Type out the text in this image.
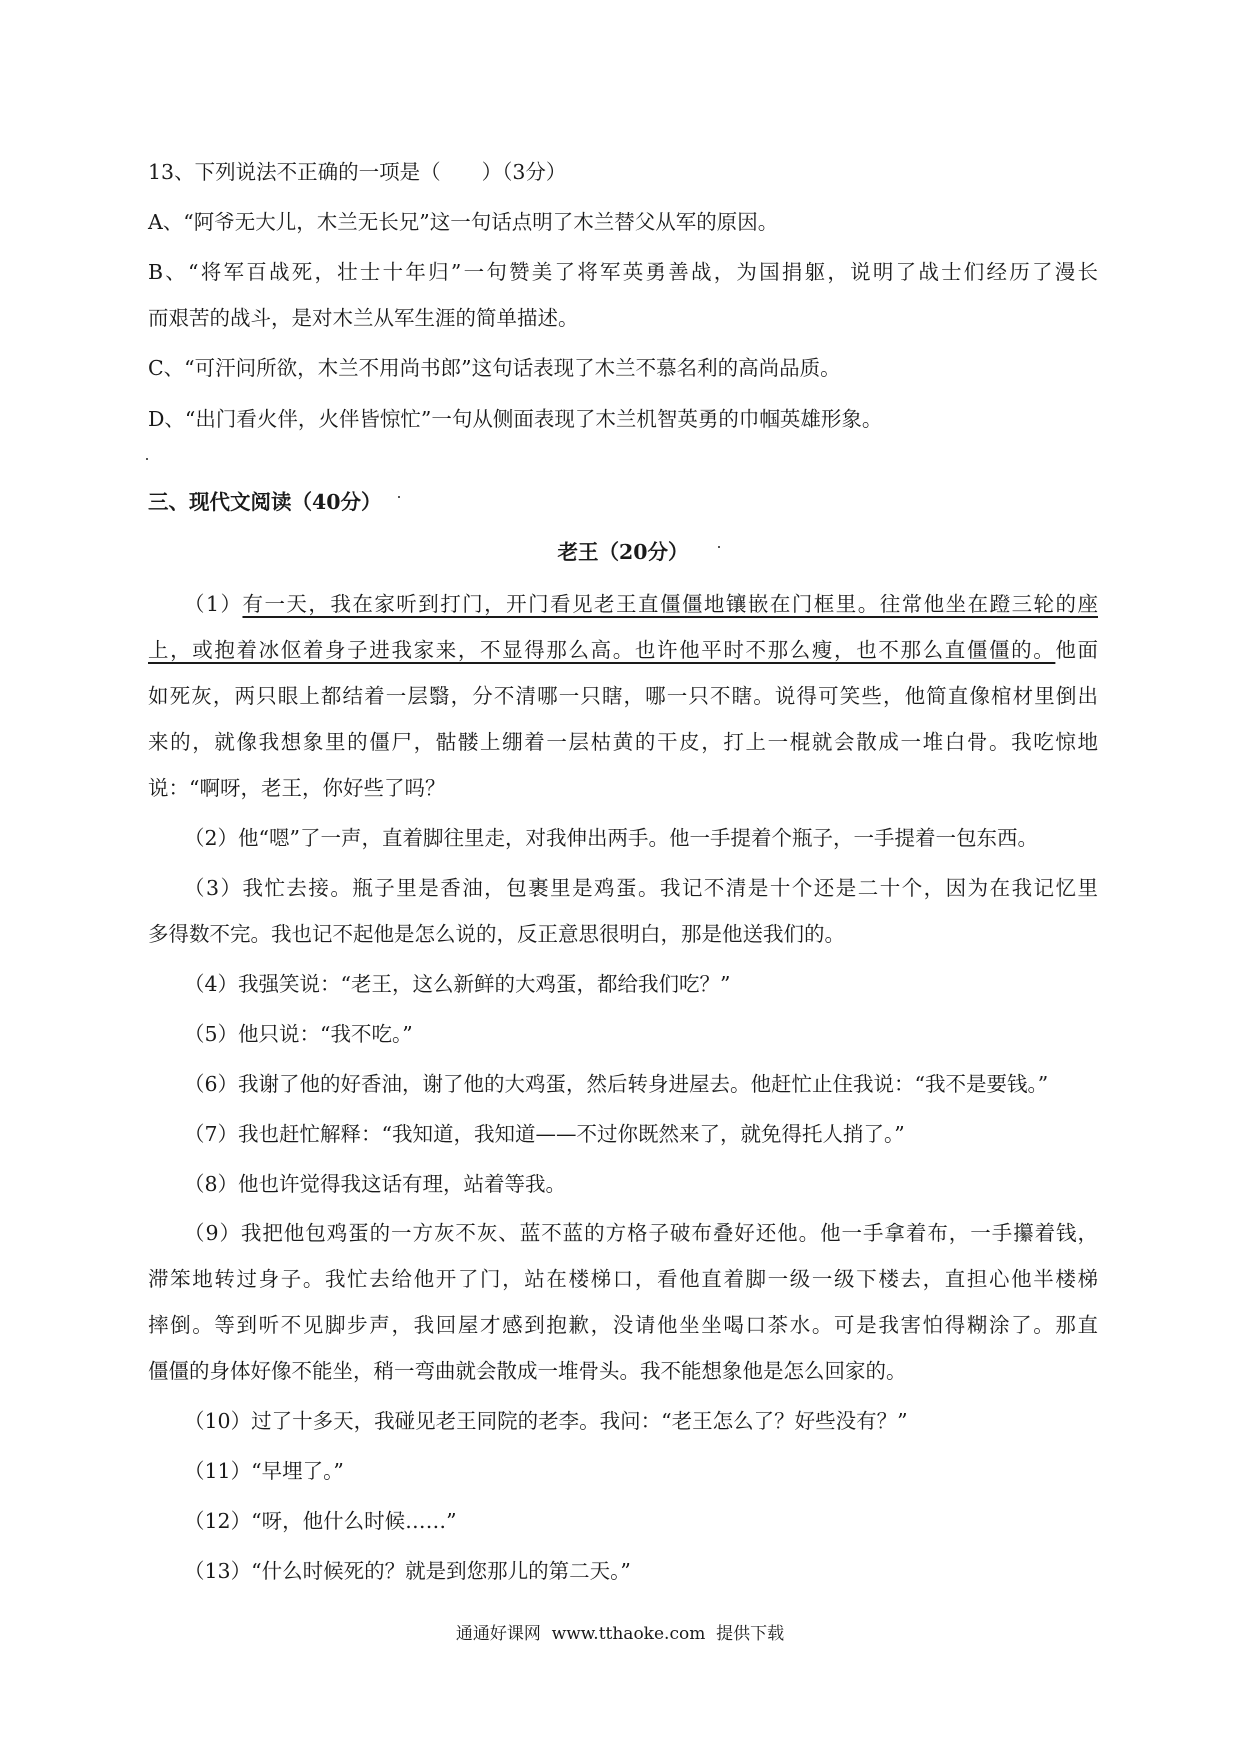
13、下列说法不正确的一项是（　　）（3分）
A、“阿爷无大儿，木兰无长兄”这一句话点明了木兰替父从军的原因。
B、“将军百战死，壮士十年归”一句赞美了将军英勇善战，为国捐躯，说明了战士们经历了漫长
而艰苦的战斗，是对木兰从军生涯的简单描述。
C、“可汗问所欲，木兰不用尚书郎”这句话表现了木兰不慕名利的高尚品质。
D、“出门看火伴，火伴皆惊忙”一句从侧面表现了木兰机智英勇的巾帼英雄形象。
三、现代文阅读（40分）
老王（20分）
（1）有一天，我在家听到打门，开门看见老王直僵僵地镶嵌在门框里。往常他坐在蹬三轮的座
上，或抱着冰伛着身子进我家来，不显得那么高。也许他平时不那么瘦，也不那么直僵僵的。他面
如死灰，两只眼上都结着一层翳，分不清哪一只瞎，哪一只不瞎。说得可笑些，他简直像棺材里倒出
来的，就像我想象里的僵尸，骷髅上绷着一层枯黄的干皮，打上一棍就会散成一堆白骨。我吃惊地
说：“啊呀，老王，你好些了吗？
（2）他“嗯”了一声，直着脚往里走，对我伸出两手。他一手提着个瓶子，一手提着一包东西。
（3）我忙去接。瓶子里是香油，包裹里是鸡蛋。我记不清是十个还是二十个，因为在我记忆里
多得数不完。我也记不起他是怎么说的，反正意思很明白，那是他送我们的。
（4）我强笑说：“老王，这么新鲜的大鸡蛋，都给我们吃？”
（5）他只说：“我不吃。”
（6）我谢了他的好香油，谢了他的大鸡蛋，然后转身进屋去。他赶忙止住我说：“我不是要钱。”
（7）我也赶忙解释：“我知道，我知道——不过你既然来了，就免得托人捎了。”
（8）他也许觉得我这话有理，站着等我。
（9）我把他包鸡蛋的一方灰不灰、蓝不蓝的方格子破布叠好还他。他一手拿着布，一手攥着钱，
滞笨地转过身子。我忙去给他开了门，站在楼梯口，看他直着脚一级一级下楼去，直担心他半楼梯
摔倒。等到听不见脚步声，我回屋才感到抱歉，没请他坐坐喝口茶水。可是我害怕得糊涂了。那直
僵僵的身体好像不能坐，稍一弯曲就会散成一堆骨头。我不能想象他是怎么回家的。
（10）过了十多天，我碰见老王同院的老李。我问：“老王怎么了？好些没有？”
（11）“早埋了。”
（12）“呀，他什么时候……”
（13）“什么时候死的？就是到您那儿的第二天。”
通通好课网 www.tthaoke.com 提供下载
